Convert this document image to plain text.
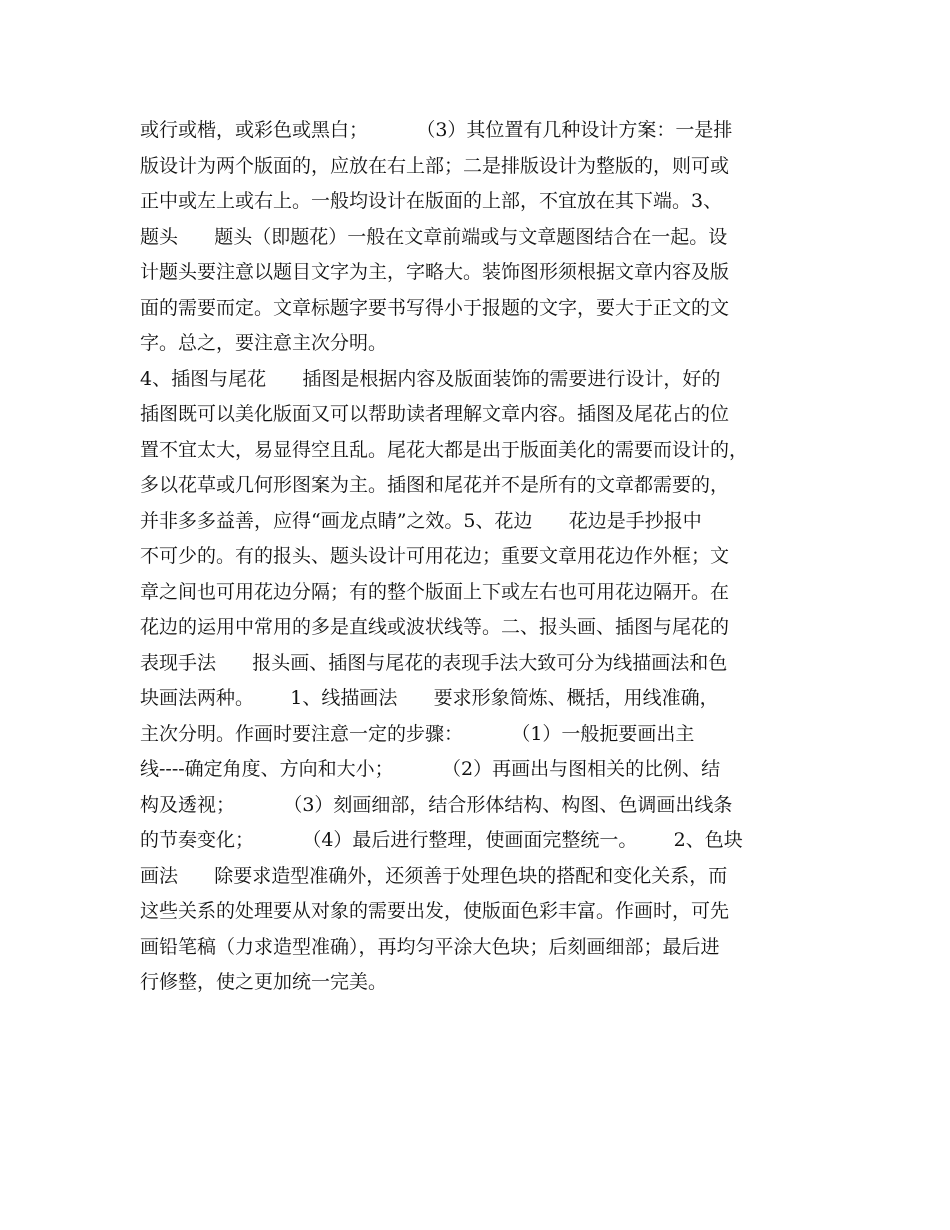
或行或楷，或彩色或黑白；        （3）其位置有几种设计方案：一是排
版设计为两个版面的，应放在右上部；二是排版设计为整版的，则可或
正中或左上或右上。一般均设计在版面的上部，不宜放在其下端。3、
题头      题头（即题花）一般在文章前端或与文章题图结合在一起。设
计题头要注意以题目文字为主，字略大。装饰图形须根据文章内容及版
面的需要而定。文章标题字要书写得小于报题的文字，要大于正文的文
字。总之，要注意主次分明。
4、插图与尾花      插图是根据内容及版面装饰的需要进行设计，好的
插图既可以美化版面又可以帮助读者理解文章内容。插图及尾花占的位
置不宜太大，易显得空且乱。尾花大都是出于版面美化的需要而设计的，
多以花草或几何形图案为主。插图和尾花并不是所有的文章都需要的，
并非多多益善，应得“画龙点睛”之效。5、花边      花边是手抄报中
不可少的。有的报头、题头设计可用花边；重要文章用花边作外框；文
章之间也可用花边分隔；有的整个版面上下或左右也可用花边隔开。在
花边的运用中常用的多是直线或波状线等。二、报头画、插图与尾花的
表现手法      报头画、插图与尾花的表现手法大致可分为线描画法和色
块画法两种。      1、线描画法      要求形象简炼、概括，用线准确，
主次分明。作画时要注意一定的步骤：        （1）一般扼要画出主
线----确定角度、方向和大小；        （2）再画出与图相关的比例、结
构及透视；        （3）刻画细部，结合形体结构、构图、色调画出线条
的节奏变化；        （4）最后进行整理，使画面完整统一。      2、色块
画法      除要求造型准确外，还须善于处理色块的搭配和变化关系，而
这些关系的处理要从对象的需要出发，使版面色彩丰富。作画时，可先
画铅笔稿（力求造型准确），再均匀平涂大色块；后刻画细部；最后进
行修整，使之更加统一完美。
